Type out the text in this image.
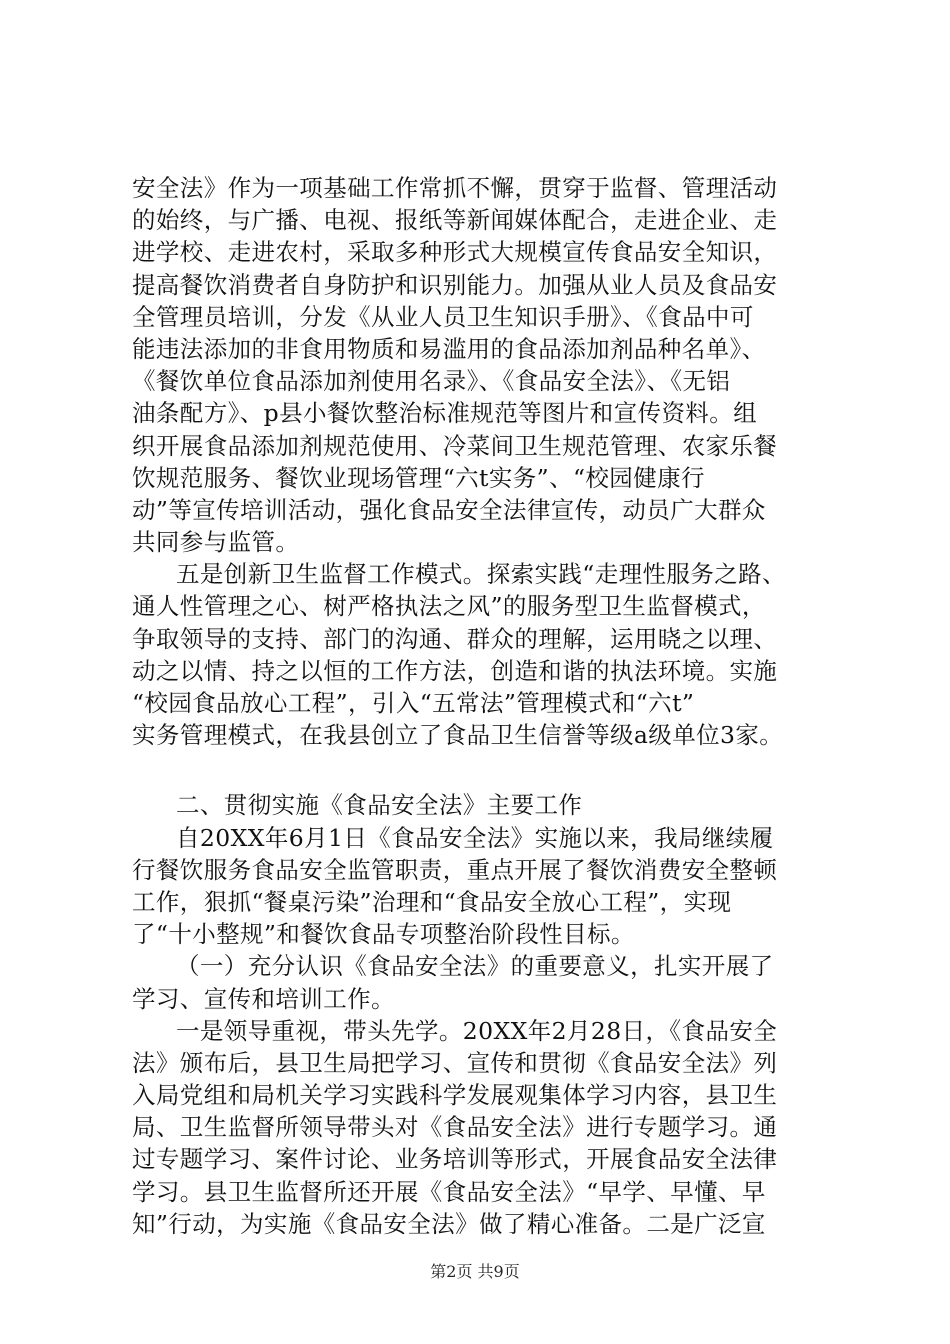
安全法》作为一项基础工作常抓不懈，贯穿于监督、管理活动
的始终，与广播、电视、报纸等新闻媒体配合，走进企业、走
进学校、走进农村，采取多种形式大规模宣传食品安全知识，
提高餐饮消费者自身防护和识别能力。加强从业人员及食品安
全管理员培训，分发《从业人员卫生知识手册》、《食品中可
能违法添加的非食用物质和易滥用的食品添加剂品种名单》、
《餐饮单位食品添加剂使用名录》、《食品安全法》、《无铝
油条配方》、p县小餐饮整治标准规范等图片和宣传资料。组
织开展食品添加剂规范使用、冷菜间卫生规范管理、农家乐餐
饮规范服务、餐饮业现场管理“六t实务”、“校园健康行
动”等宣传培训活动，强化食品安全法律宣传，动员广大群众
共同参与监管。
五是创新卫生监督工作模式。探索实践“走理性服务之路、
通人性管理之心、树严格执法之风”的服务型卫生监督模式，
争取领导的支持、部门的沟通、群众的理解，运用晓之以理、
动之以情、持之以恒的工作方法，创造和谐的执法环境。实施
“校园食品放心工程”，引入“五常法”管理模式和“六t”
实务管理模式，在我县创立了食品卫生信誉等级a级单位3家。
二、贯彻实施《食品安全法》主要工作
自20XX年6月1日《食品安全法》实施以来，我局继续履
行餐饮服务食品安全监管职责，重点开展了餐饮消费安全整顿
工作，狠抓“餐桌污染”治理和“食品安全放心工程”，实现
了“十小整规”和餐饮食品专项整治阶段性目标。
（一）充分认识《食品安全法》的重要意义，扎实开展了
学习、宣传和培训工作。
一是领导重视，带头先学。20XX年2月28日，《食品安全
法》颁布后，县卫生局把学习、宣传和贯彻《食品安全法》列
入局党组和局机关学习实践科学发展观集体学习内容，县卫生
局、卫生监督所领导带头对《食品安全法》进行专题学习。通
过专题学习、案件讨论、业务培训等形式，开展食品安全法律
学习。县卫生监督所还开展《食品安全法》“早学、早懂、早
知”行动，为实施《食品安全法》做了精心准备。二是广泛宣
第2页 共9页
